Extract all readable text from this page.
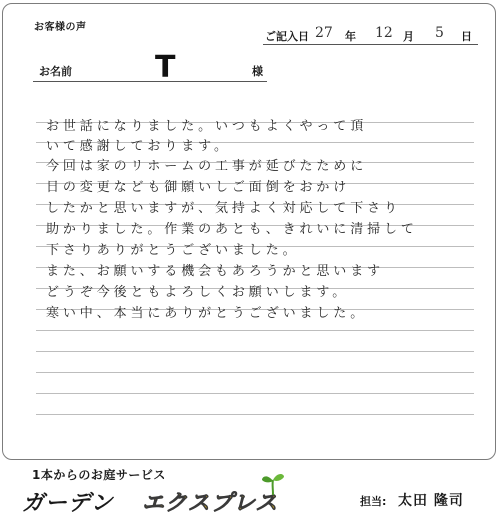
お客様の声
ご記入日 27 年 12 月 5 日
お名前	T	様
お世話になりました。いつもよくやって頂
いて感謝しております。
今回は家のリホームの工事が延びたために
日の変更なども御願いしご面倒をおかけ
したかと思いますが、気持よく対応して下さり
助かりました。作業のあとも、きれいに清掃して
下さりありがとうございました。
また、お願いする機会もあろうかと思います
どうぞ今後ともよろしくお願いします。
寒い中、本当にありがとうございました。
1本からのお庭サービス
ガーデン エクスプレス	担当: 太田 隆司
